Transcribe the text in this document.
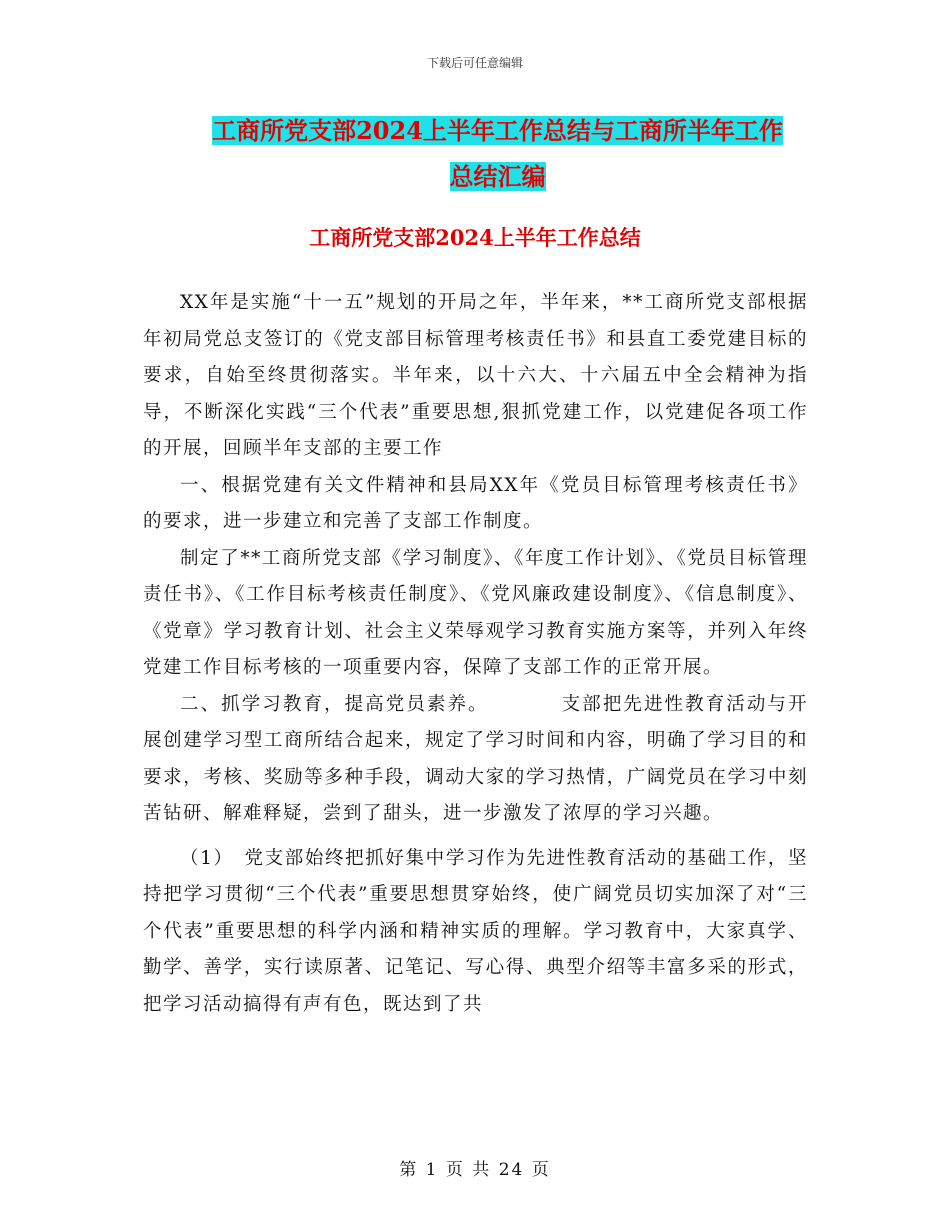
下载后可任意编辑
工商所党支部2024上半年工作总结与工商所半年工作
总结汇编
工商所党支部2024上半年工作总结

XX年是实施“十一五”规划的开局之年，半年来，**工商所党支部根据年初局党总支签订的《党支部目标管理考核责任书》和县直工委党建目标的要求，自始至终贯彻落实。半年来，以十六大、十六届五中全会精神为指导，不断深化实践“三个代表”重要思想,狠抓党建工作，以党建促各项工作的开展，回顾半年支部的主要工作

一、根据党建有关文件精神和县局XX年《党员目标管理考核责任书》的要求，进一步建立和完善了支部工作制度。

制定了**工商所党支部《学习制度》、《年度工作计划》、《党员目标管理责任书》、《工作目标考核责任制度》、《党风廉政建设制度》、《信息制度》、《党章》学习教育计划、社会主义荣辱观学习教育实施方案等，并列入年终党建工作目标考核的一项重要内容，保障了支部工作的正常开展。

二、抓学习教育，提高党员素养。　　　　支部把先进性教育活动与开展创建学习型工商所结合起来，规定了学习时间和内容，明确了学习目的和要求，考核、奖励等多种手段，调动大家的学习热情，广阔党员在学习中刻苦钻研、解难释疑，尝到了甜头，进一步激发了浓厚的学习兴趣。

（1）　党支部始终把抓好集中学习作为先进性教育活动的基础工作，坚持把学习贯彻“三个代表”重要思想贯穿始终，使广阔党员切实加深了对“三个代表”重要思想的科学内涵和精神实质的理解。学习教育中，大家真学、勤学、善学，实行读原著、记笔记、写心得、典型介绍等丰富多采的形式，把学习活动搞得有声有色，既达到了共

第 1 页 共 24 页
